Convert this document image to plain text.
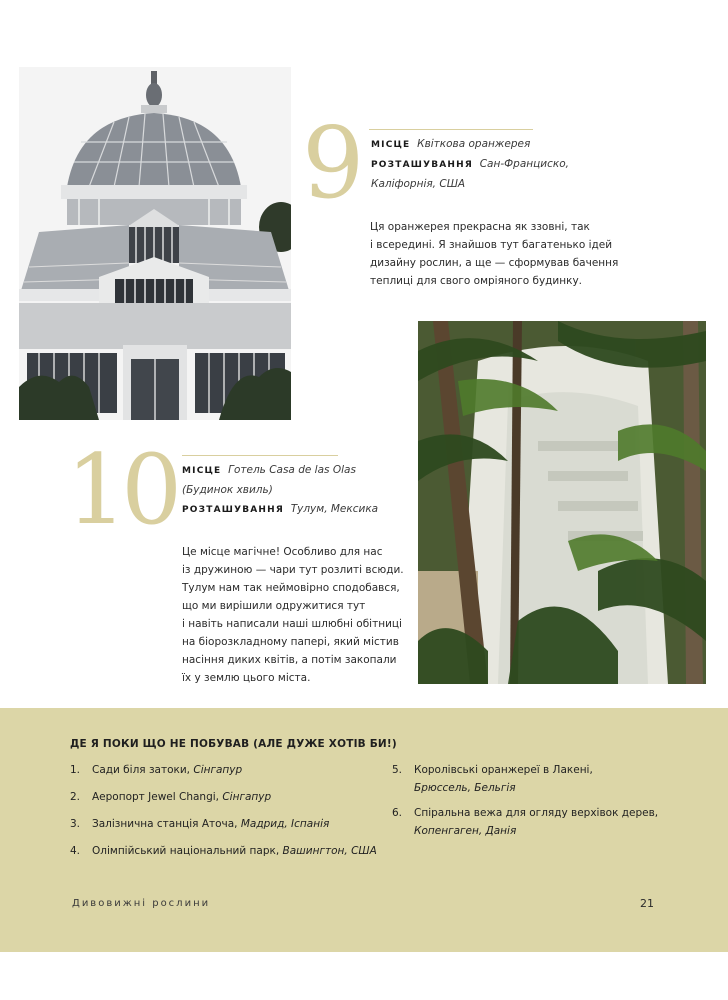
9 МІСЦЕ Квіткова оранжерея
РОЗТАШУВАННЯ Сан-Франциско,
Каліфорнія, США
Ця оранжерея прекрасна як ззовні, так
і всередині. Я знайшов тут багатенько ідей
дизайну рослин, а ще — сформував бачення
теплиці для свого омріяного будинку.
10 МІСЦЕ Готель Casa de las Olas
(Будинок хвиль)
РОЗТАШУВАННЯ Тулум, Мексика
Це місце магічне! Особливо для нас
із дружиною — чари тут розлиті всюди.
Тулум нам так неймовірно сподобався,
що ми вирішили одружитися тут
і навіть написали наші шлюбні обітниці
на біорозкладному папері, який містив
насіння диких квітів, а потім закопали
їх у землю цього міста.
ДЕ Я ПОКИ ЩО НЕ ПОБУВАВ (АЛЕ ДУЖЕ ХОТІВ БИ!)
1.	Сади біля затоки, Сінгапур
2.	Аеропорт Jewel Changi, Сінгапур
3.	Залізнична станція Аточа, Мадрид, Іспанія
4.	Олімпійський національний парк, Вашингтон, США
5.	Королівські оранжереї в Лакені,
Брюссель, Бельгія
6.	Спіральна вежа для огляду верхівок дерев,
Копенгаген, Данія
Дивовижні рослини	21
